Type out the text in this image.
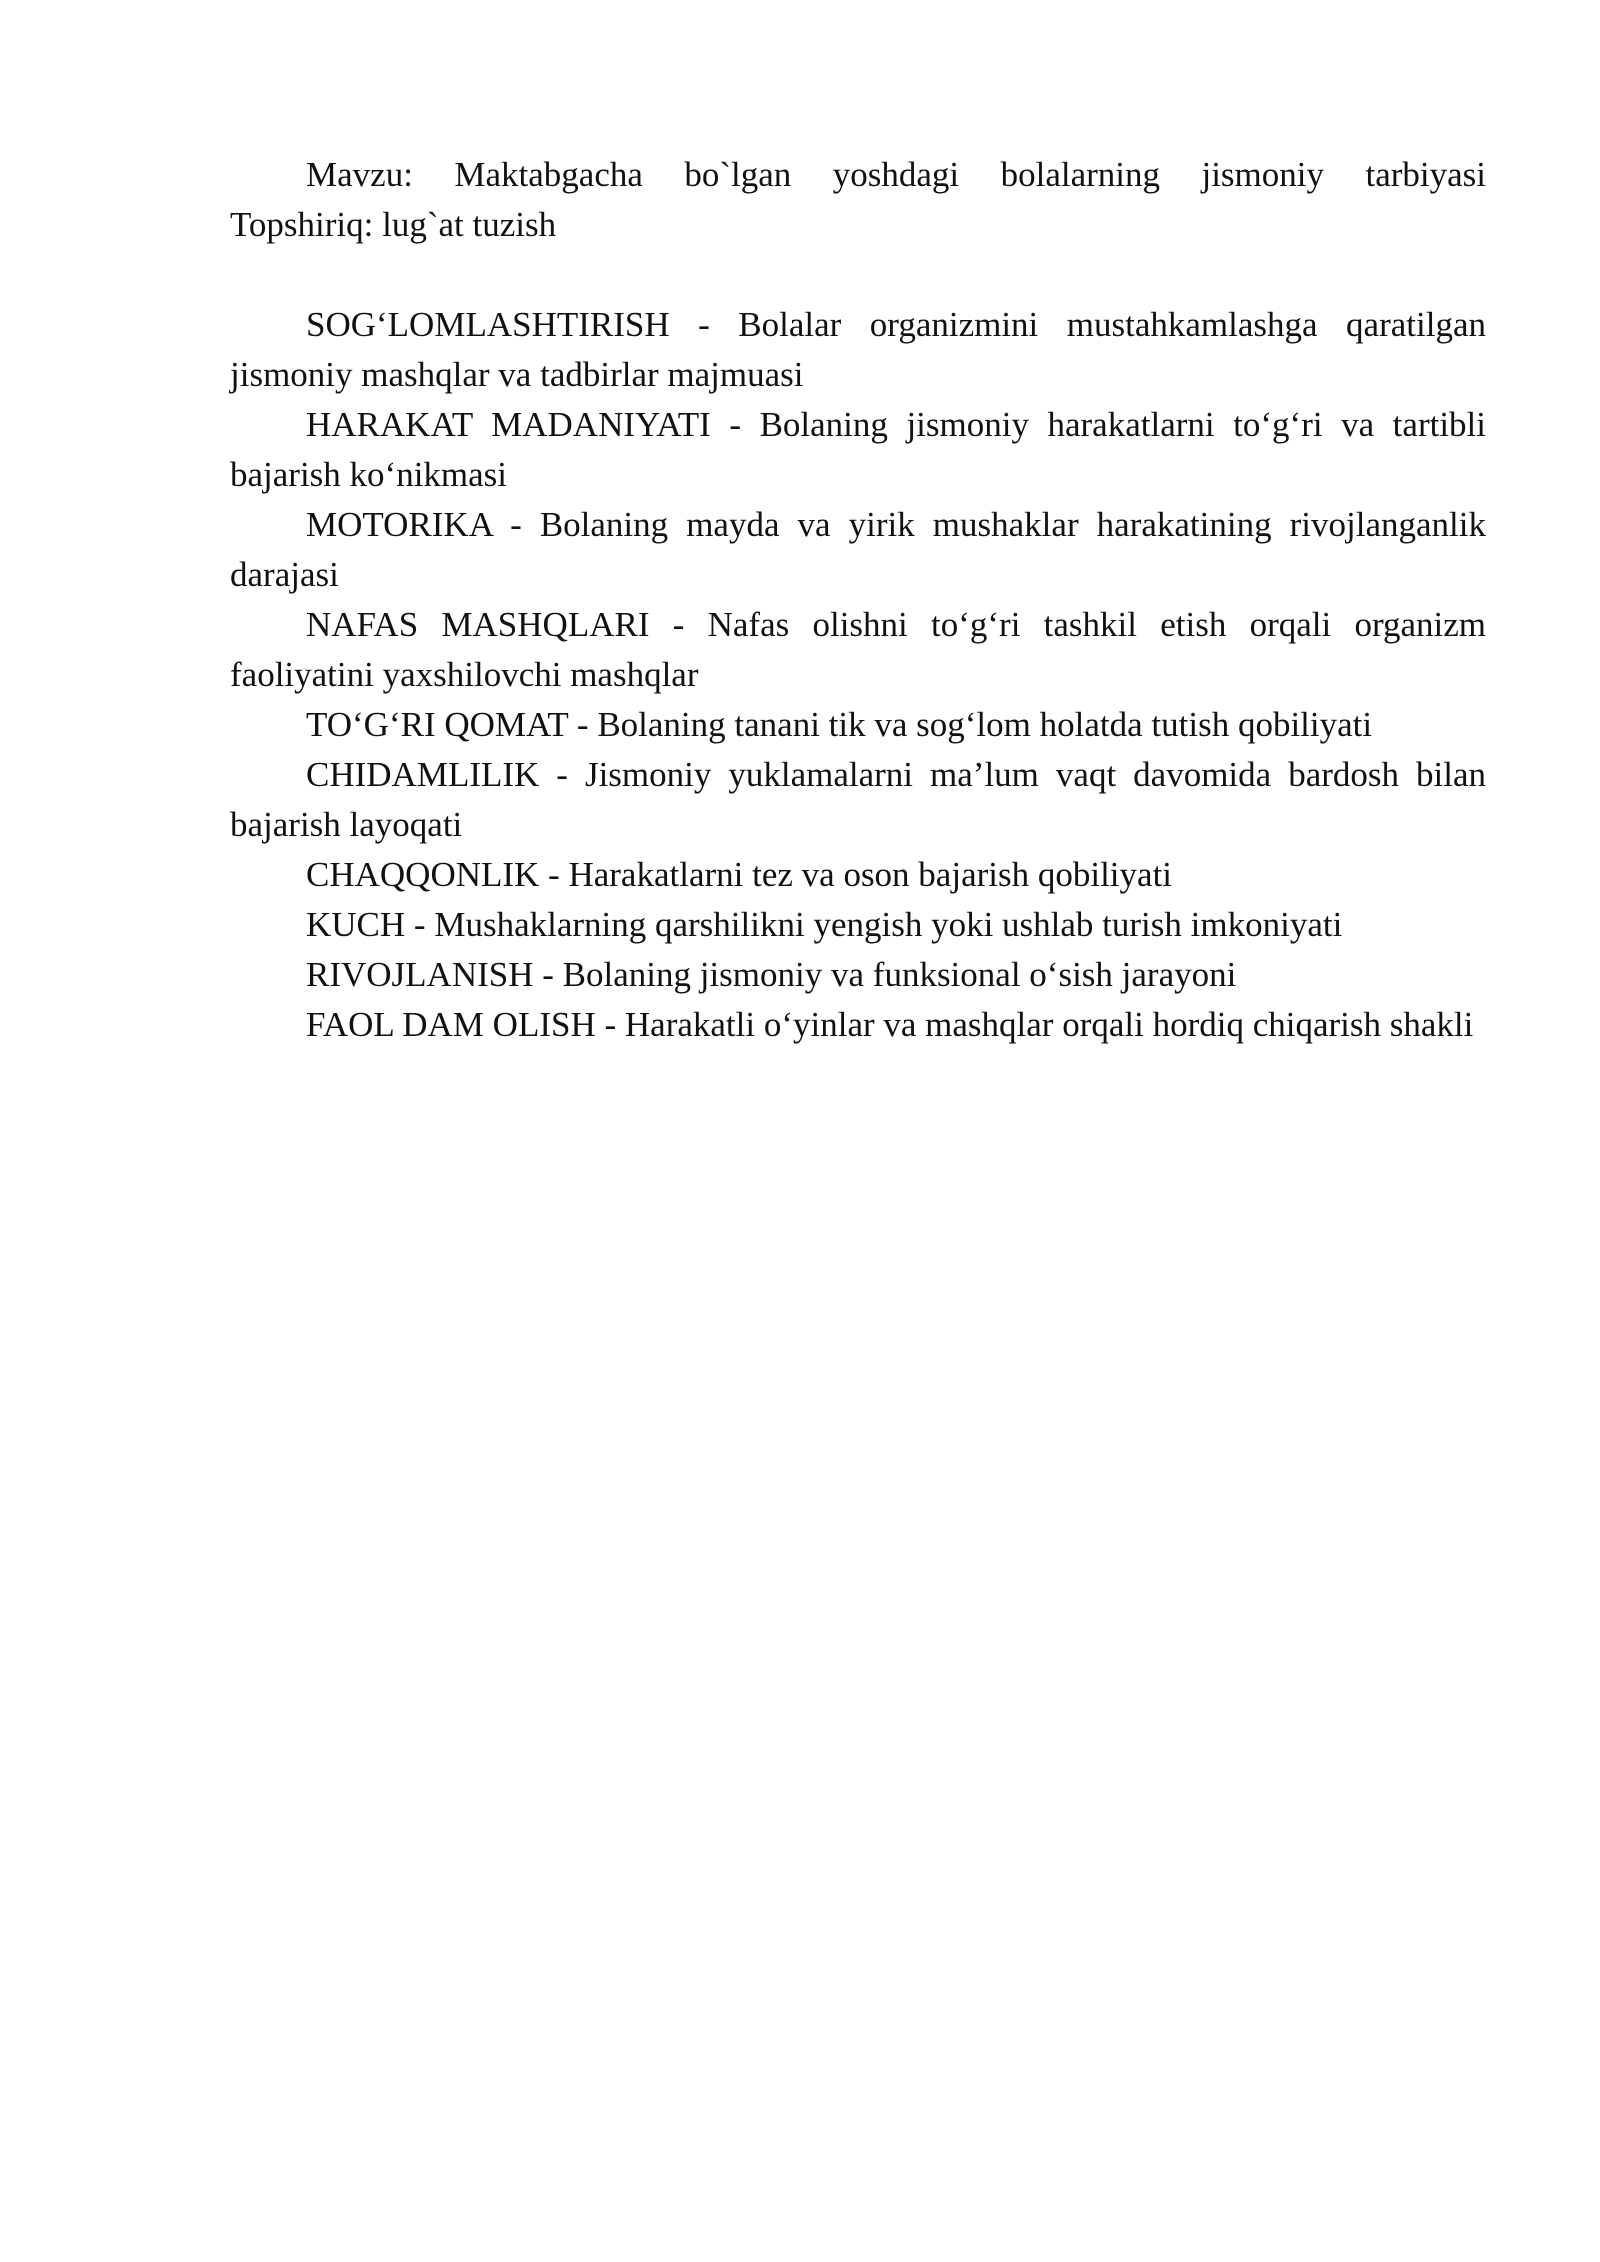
Mavzu: Maktabgacha bo`lgan yoshdagi bolalarning jismoniy tarbiyasi

Topshiriq: lug`at tuzish

SOG‘LOMLASHTIRISH - Bolalar organizmini mustahkamlashga qaratilgan jismoniy mashqlar va tadbirlar majmuasi

HARAKAT MADANIYATI - Bolaning jismoniy harakatlarni to‘g‘ri va tartibli bajarish ko‘nikmasi

MOTORIKA - Bolaning mayda va yirik mushaklar harakatining rivojlanganlik darajasi

NAFAS MASHQLARI - Nafas olishni to‘g‘ri tashkil etish orqali organizm faoliyatini yaxshilovchi mashqlar

TO‘G‘RI QOMAT - Bolaning tanani tik va sog‘lom holatda tutish qobiliyati

CHIDAMLILIK - Jismoniy yuklamalarni ma’lum vaqt davomida bardosh bilan bajarish layoqati

CHAQQONLIK - Harakatlarni tez va oson bajarish qobiliyati

KUCH - Mushaklarning qarshilikni yengish yoki ushlab turish imkoniyati

RIVOJLANISH - Bolaning jismoniy va funksional o‘sish jarayoni

FAOL DAM OLISH - Harakatli o‘yinlar va mashqlar orqali hordiq chiqarish shakli
